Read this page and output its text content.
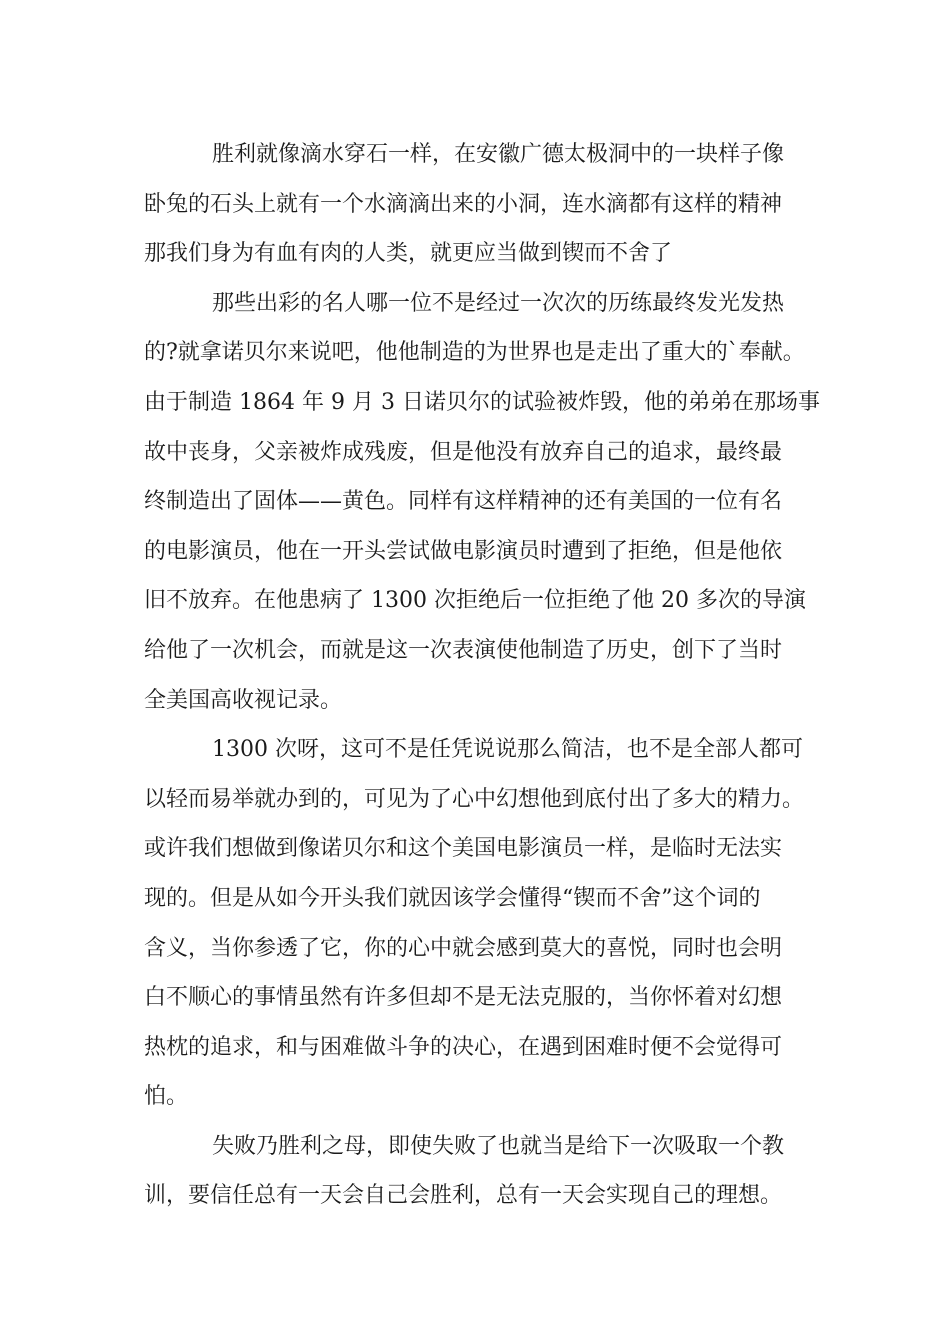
胜利就像滴水穿石一样，在安徽广德太极洞中的一块样子像
卧兔的石头上就有一个水滴滴出来的小洞，连水滴都有这样的精神
那我们身为有血有肉的人类，就更应当做到锲而不舍了
那些出彩的名人哪一位不是经过一次次的历练最终发光发热
的?就拿诺贝尔来说吧，他他制造的为世界也是走出了重大的`奉献。
由于制造 1864 年 9 月 3 日诺贝尔的试验被炸毁，他的弟弟在那场事
故中丧身，父亲被炸成残废，但是他没有放弃自己的追求，最终最
终制造出了固体——黄色。同样有这样精神的还有美国的一位有名
的电影演员，他在一开头尝试做电影演员时遭到了拒绝，但是他依
旧不放弃。在他患病了 1300 次拒绝后一位拒绝了他 20 多次的导演
给他了一次机会，而就是这一次表演使他制造了历史，创下了当时
全美国高收视记录。
1300 次呀，这可不是任凭说说那么简洁，也不是全部人都可
以轻而易举就办到的，可见为了心中幻想他到底付出了多大的精力。
或许我们想做到像诺贝尔和这个美国电影演员一样，是临时无法实
现的。但是从如今开头我们就因该学会懂得“锲而不舍”这个词的
含义，当你参透了它，你的心中就会感到莫大的喜悦，同时也会明
白不顺心的事情虽然有许多但却不是无法克服的，当你怀着对幻想
热枕的追求，和与困难做斗争的决心，在遇到困难时便不会觉得可
怕。
失败乃胜利之母，即使失败了也就当是给下一次吸取一个教
训，要信任总有一天会自己会胜利，总有一天会实现自己的理想。
